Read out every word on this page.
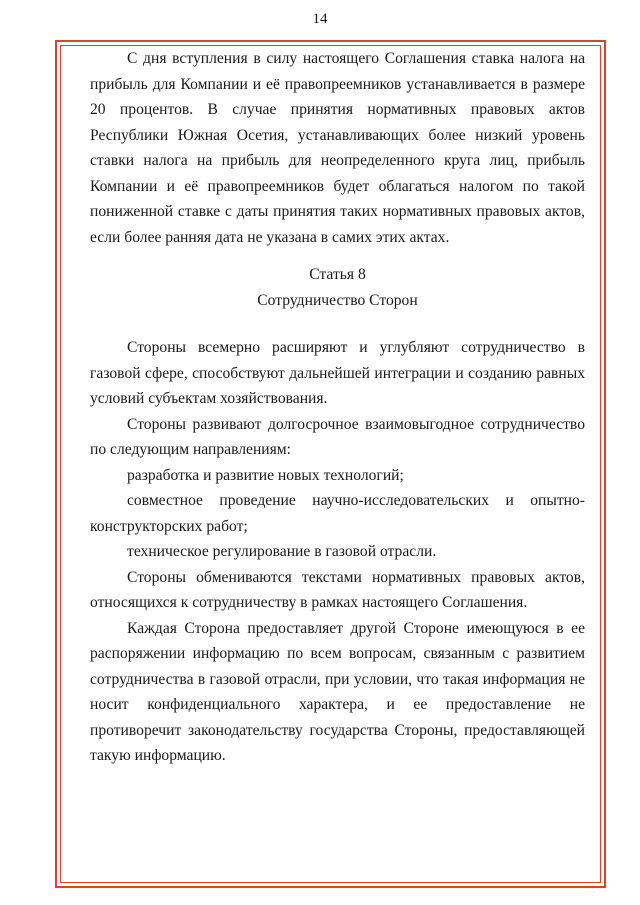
14

С дня вступления в силу настоящего Соглашения ставка налога на прибыль для Компании и её правопреемников устанавливается в размере 20 процентов. В случае принятия нормативных правовых актов Республики Южная Осетия, устанавливающих более низкий уровень ставки налога на прибыль для неопределенного круга лиц, прибыль Компании и её правопреемников будет облагаться налогом по такой пониженной ставке с даты принятия таких нормативных правовых актов, если более ранняя дата не указана в самих этих актах.

Статья 8

Сотрудничество Сторон

Стороны всемерно расширяют и углубляют сотрудничество в газовой сфере, способствуют дальнейшей интеграции и созданию равных условий субъектам хозяйствования.

Стороны развивают долгосрочное взаимовыгодное сотрудничество по следующим направлениям:

разработка и развитие новых технологий;

совместное проведение научно-исследовательских и опытно-конструкторских работ;

техническое регулирование в газовой отрасли.

Стороны обмениваются текстами нормативных правовых актов, относящихся к сотрудничеству в рамках настоящего Соглашения.

Каждая Сторона предоставляет другой Стороне имеющуюся в ее распоряжении информацию по всем вопросам, связанным с развитием сотрудничества в газовой отрасли, при условии, что такая информация не носит конфиденциального характера, и ее предоставление не противоречит законодательству государства Стороны, предоставляющей такую информацию.
